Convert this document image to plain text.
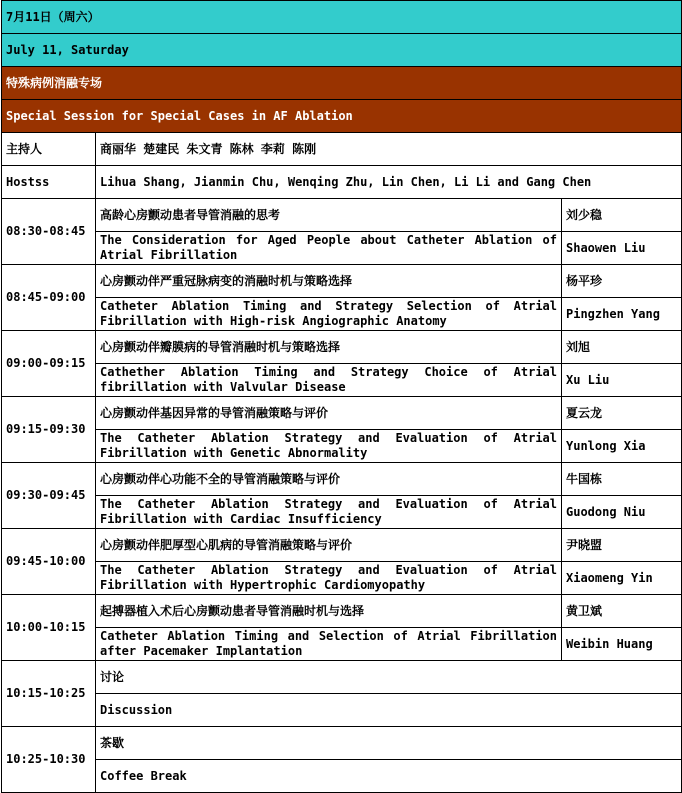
7月11日（周六）		
July 11, Saturday		
特殊病例消融专场		
Special Session for Special Cases in AF Ablation		
主持人	商丽华 楚建民 朱文青 陈林 李莉 陈刚	
Hostss	Lihua Shang, Jianmin Chu, Wenqing Zhu, Lin Chen, Li Li and Gang Chen	
08:30-08:45	高龄心房颤动患者导管消融的思考	刘少稳
	The Consideration for Aged People about Catheter Ablation of Atrial Fibrillation	Shaowen Liu
08:45-09:00	心房颤动伴严重冠脉病变的消融时机与策略选择	杨平珍
	Catheter Ablation Timing and Strategy Selection of Atrial Fibrillation with High-risk Angiographic Anatomy	Pingzhen Yang
09:00-09:15	心房颤动伴瓣膜病的导管消融时机与策略选择	刘旭
	Cathether Ablation Timing and Strategy Choice of Atrial fibrillation with Valvular Disease	Xu Liu
09:15-09:30	心房颤动伴基因异常的导管消融策略与评价	夏云龙
	The Catheter Ablation Strategy and Evaluation of Atrial Fibrillation with Genetic Abnormality	Yunlong Xia
09:30-09:45	心房颤动伴心功能不全的导管消融策略与评价	牛国栋
	The Catheter Ablation Strategy and Evaluation of Atrial Fibrillation with Cardiac Insufficiency	Guodong Niu
09:45-10:00	心房颤动伴肥厚型心肌病的导管消融策略与评价	尹晓盟
	The Catheter Ablation Strategy and Evaluation of Atrial Fibrillation with Hypertrophic Cardiomyopathy	Xiaomeng Yin
10:00-10:15	起搏器植入术后心房颤动患者导管消融时机与选择	黄卫斌
	Catheter Ablation Timing and Selection of Atrial Fibrillation after Pacemaker Implantation	Weibin Huang
10:15-10:25	讨论	
	Discussion	
10:25-10:30	茶歇	
	Coffee Break	
